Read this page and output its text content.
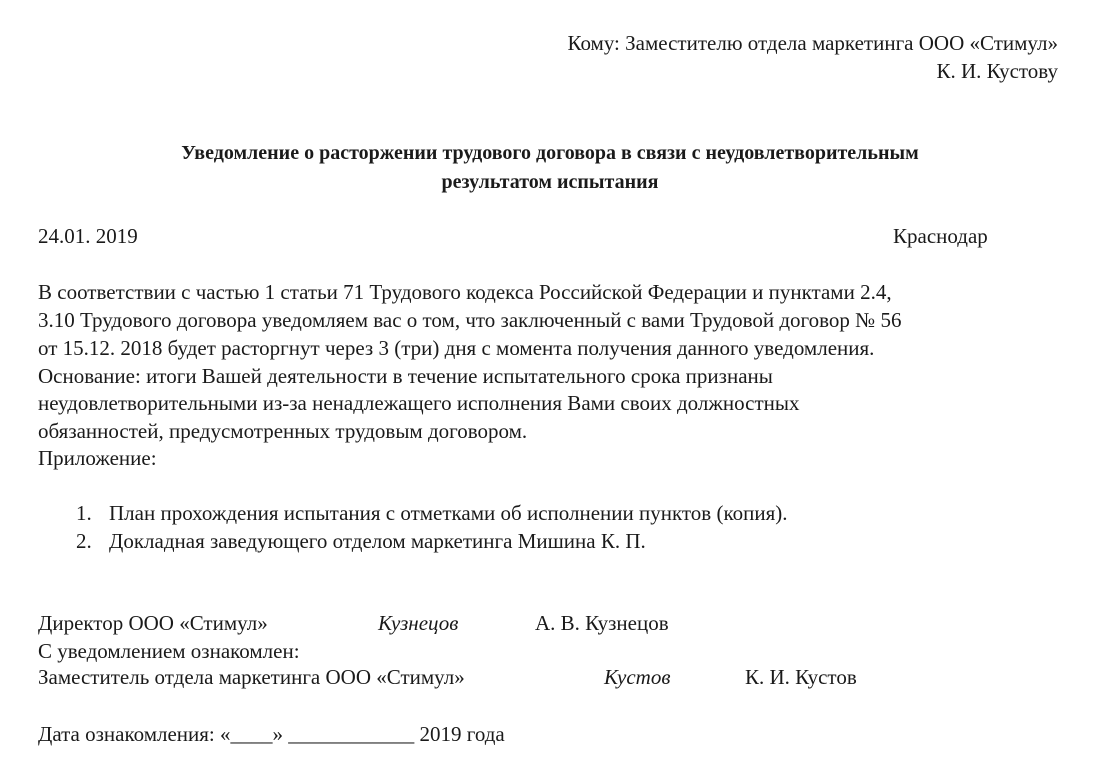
Кому: Заместителю отдела маркетинга ООО «Стимул»
К. И. Кустову
Уведомление о расторжении трудового договора в связи с неудовлетворительным
результатом испытания
24.01. 2019	Краснодар
В соответствии с частью 1 статьи 71 Трудового кодекса Российской Федерации и пунктами 2.4,
3.10 Трудового договора уведомляем вас о том, что заключенный с вами Трудовой договор № 56
от 15.12. 2018 будет расторгнут через 3 (три) дня с момента получения данного уведомления.
Основание: итоги Вашей деятельности в течение испытательного срока признаны
неудовлетворительными из-за ненадлежащего исполнения Вами своих должностных
обязанностей, предусмотренных трудовым договором.
Приложение:
1. План прохождения испытания с отметками об исполнении пунктов (копия).
2. Докладная заведующего отделом маркетинга Мишина К. П.
Директор ООО «Стимул»	Кузнецов	А. В. Кузнецов
С уведомлением ознакомлен:
Заместитель отдела маркетинга ООО «Стимул»	Кустов	К. И. Кустов
Дата ознакомления: «____» ____________ 2019 года
